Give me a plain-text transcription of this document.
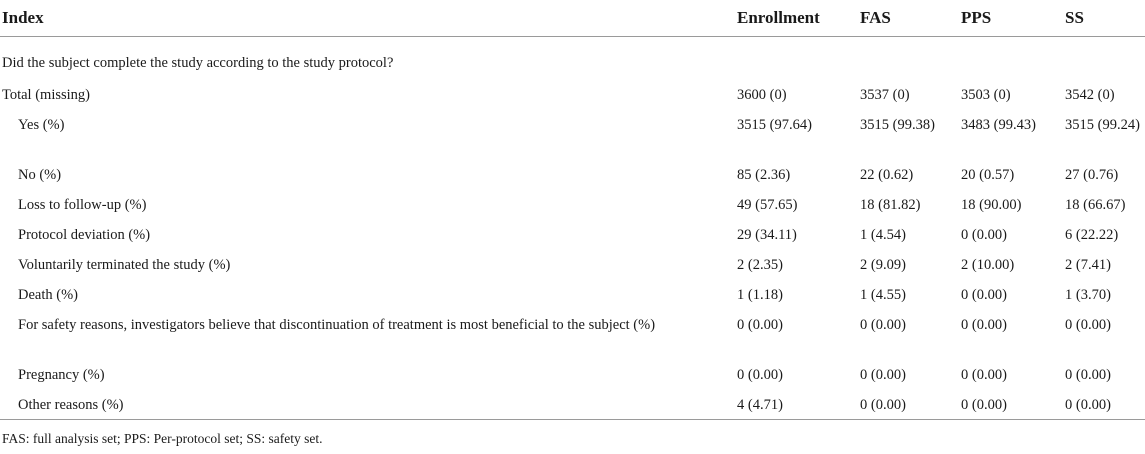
Index	Enrollment	FAS	PPS	SS
Did the subject complete the study according to the study protocol?				
Total (missing)	3600 (0)	3537 (0)	3503 (0)	3542 (0)
Yes (%)	3515 (97.64)	3515 (99.38)	3483 (99.43)	3515 (99.24)
No (%)	85 (2.36)	22 (0.62)	20 (0.57)	27 (0.76)
Loss to follow-up (%)	49 (57.65)	18 (81.82)	18 (90.00)	18 (66.67)
Protocol deviation (%)	29 (34.11)	1 (4.54)	0 (0.00)	6 (22.22)
Voluntarily terminated the study (%)	2 (2.35)	2 (9.09)	2 (10.00)	2 (7.41)
Death (%)	1 (1.18)	1 (4.55)	0 (0.00)	1 (3.70)
For safety reasons, investigators believe that discontinuation of treatment is most beneficial to the subject (%)	0 (0.00)	0 (0.00)	0 (0.00)	0 (0.00)
Pregnancy (%)	0 (0.00)	0 (0.00)	0 (0.00)	0 (0.00)
Other reasons (%)	4 (4.71)	0 (0.00)	0 (0.00)	0 (0.00)
FAS: full analysis set; PPS: Per-protocol set; SS: safety set.
